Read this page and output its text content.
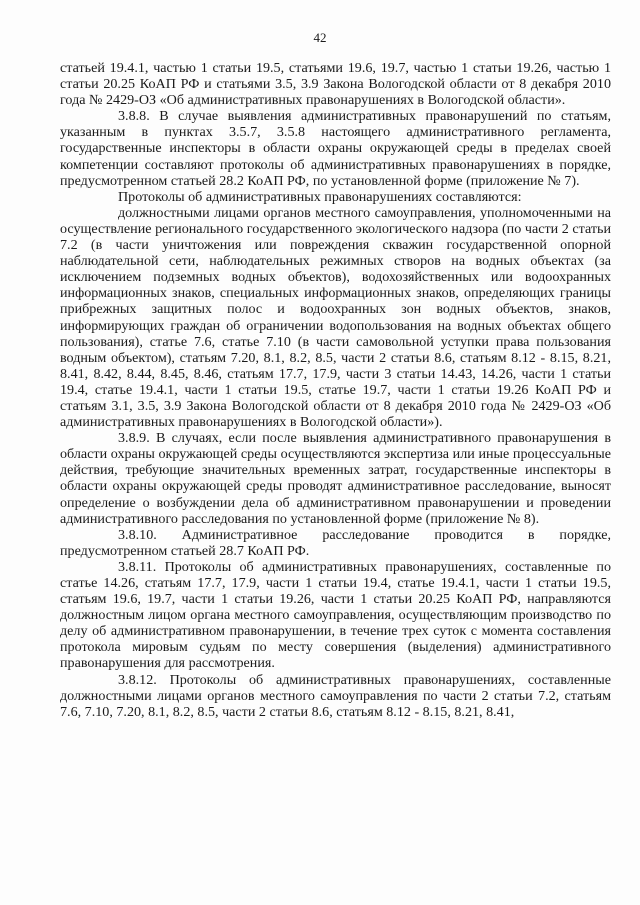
42

статьей 19.4.1, частью 1 статьи 19.5, статьями 19.6, 19.7, частью 1 статьи 19.26, частью 1 статьи 20.25 КоАП РФ и статьями 3.5, 3.9 Закона Вологодской области от 8 декабря 2010 года № 2429-ОЗ «Об административных правонарушениях в Вологодской области».

3.8.8. В случае выявления административных правонарушений по статьям, указанным в пунктах 3.5.7, 3.5.8 настоящего административного регламента, государственные инспекторы в области охраны окружающей среды в пределах своей компетенции составляют протоколы об административных правонарушениях в порядке, предусмотренном статьей 28.2 КоАП РФ, по установленной форме (приложение № 7).

Протоколы об административных правонарушениях составляются:

должностными лицами органов местного самоуправления, уполномоченными на осуществление регионального государственного экологического надзора (по части 2 статьи 7.2 (в части уничтожения или повреждения скважин государственной опорной наблюдательной сети, наблюдательных режимных створов на водных объектах (за исключением подземных водных объектов), водохозяйственных или водоохранных информационных знаков, специальных информационных знаков, определяющих границы прибрежных защитных полос и водоохранных зон водных объектов, знаков, информирующих граждан об ограничении водопользования на водных объектах общего пользования), статье 7.6, статье 7.10 (в части самовольной уступки права пользования водным объектом), статьям 7.20, 8.1, 8.2, 8.5, части 2 статьи 8.6, статьям 8.12 - 8.15, 8.21, 8.41, 8.42, 8.44, 8.45, 8.46, статьям 17.7, 17.9, части 3 статьи 14.43, 14.26, части 1 статьи 19.4, статье 19.4.1, части 1 статьи 19.5, статье 19.7, части 1 статьи 19.26 КоАП РФ и статьям 3.1, 3.5, 3.9 Закона Вологодской области от 8 декабря 2010 года № 2429-ОЗ «Об административных правонарушениях в Вологодской области»).

3.8.9. В случаях, если после выявления административного правонарушения в области охраны окружающей среды осуществляются экспертиза или иные процессуальные действия, требующие значительных временных затрат, государственные инспекторы в области охраны окружающей среды проводят административное расследование, выносят определение о возбуждении дела об административном правонарушении и проведении административного расследования по установленной форме (приложение № 8).

3.8.10. Административное расследование проводится в порядке, предусмотренном статьей 28.7 КоАП РФ.

3.8.11. Протоколы об административных правонарушениях, составленные по статье 14.26, статьям 17.7, 17.9, части 1 статьи 19.4, статье 19.4.1, части 1 статьи 19.5, статьям 19.6, 19.7, части 1 статьи 19.26, части 1 статьи 20.25 КоАП РФ, направляются должностным лицом органа местного самоуправления, осуществляющим производство по делу об административном правонарушении, в течение трех суток с момента составления протокола мировым судьям по месту совершения (выделения) административного правонарушения для рассмотрения.

3.8.12. Протоколы об административных правонарушениях, составленные должностными лицами органов местного самоуправления по части 2 статьи 7.2, статьям 7.6, 7.10, 7.20, 8.1, 8.2, 8.5, части 2 статьи 8.6, статьям 8.12 - 8.15, 8.21, 8.41,
